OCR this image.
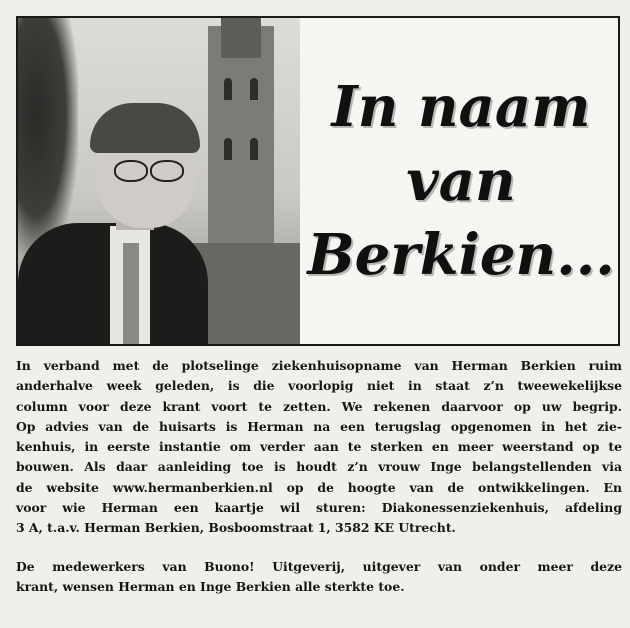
In naam
van
Berkien...

In verband met de plotselinge ziekenhuisopname van Herman Berkien ruim
anderhalve week geleden, is die voorlopig niet in staat z’n tweewekelijkse
column voor deze krant voort te zetten. We rekenen daarvoor op uw begrip.
Op advies van de huisarts is Herman na een terugslag opgenomen in het zie-
kenhuis, in eerste instantie om verder aan te sterken en meer weerstand op te
bouwen. Als daar aanleiding toe is houdt z’n vrouw Inge belangstellenden via
de website www.hermanberkien.nl op de hoogte van de ontwikkelingen. En
voor wie Herman een kaartje wil sturen: Diakonessenziekenhuis, afdeling
3 A, t.a.v. Herman Berkien, Bosboomstraat 1, 3582 KE Utrecht.

De medewerkers van Buono! Uitgeverij, uitgever van onder meer deze
krant, wensen Herman en Inge Berkien alle sterkte toe.
